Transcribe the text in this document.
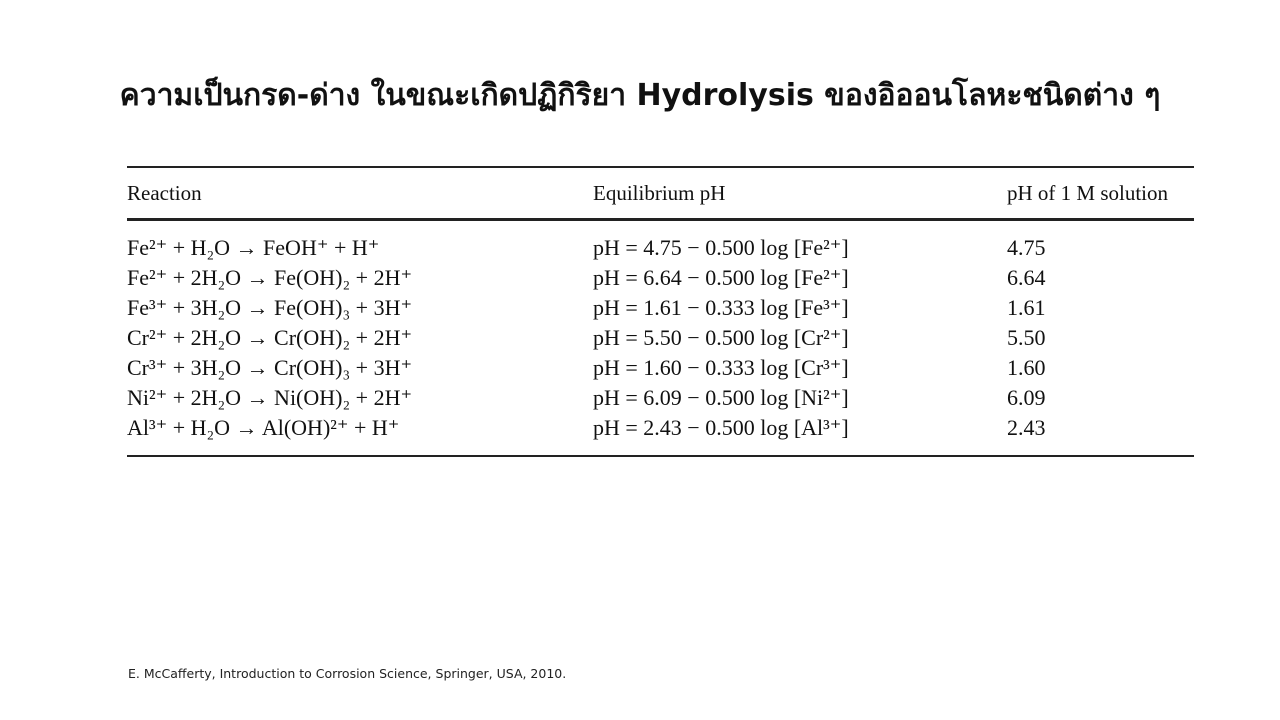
ความเป็นกรด-ด่าง ในขณะเกิดปฏิกิริยา Hydrolysis ของอิออนโลหะชนิดต่าง ๆ
Reaction	Equilibrium pH	pH of 1 M solution
Fe²⁺ + H₂O → FeOH⁺ + H⁺	pH = 4.75 − 0.500 log [Fe²⁺]	4.75
Fe²⁺ + 2H₂O → Fe(OH)₂ + 2H⁺	pH = 6.64 − 0.500 log [Fe²⁺]	6.64
Fe³⁺ + 3H₂O → Fe(OH)₃ + 3H⁺	pH = 1.61 − 0.333 log [Fe³⁺]	1.61
Cr²⁺ + 2H₂O → Cr(OH)₂ + 2H⁺	pH = 5.50 − 0.500 log [Cr²⁺]	5.50
Cr³⁺ + 3H₂O → Cr(OH)₃ + 3H⁺	pH = 1.60 − 0.333 log [Cr³⁺]	1.60
Ni²⁺ + 2H₂O → Ni(OH)₂ + 2H⁺	pH = 6.09 − 0.500 log [Ni²⁺]	6.09
Al³⁺ + H₂O → Al(OH)²⁺ + H⁺	pH = 2.43 − 0.500 log [Al³⁺]	2.43
E. McCafferty, Introduction to Corrosion Science, Springer, USA, 2010.
